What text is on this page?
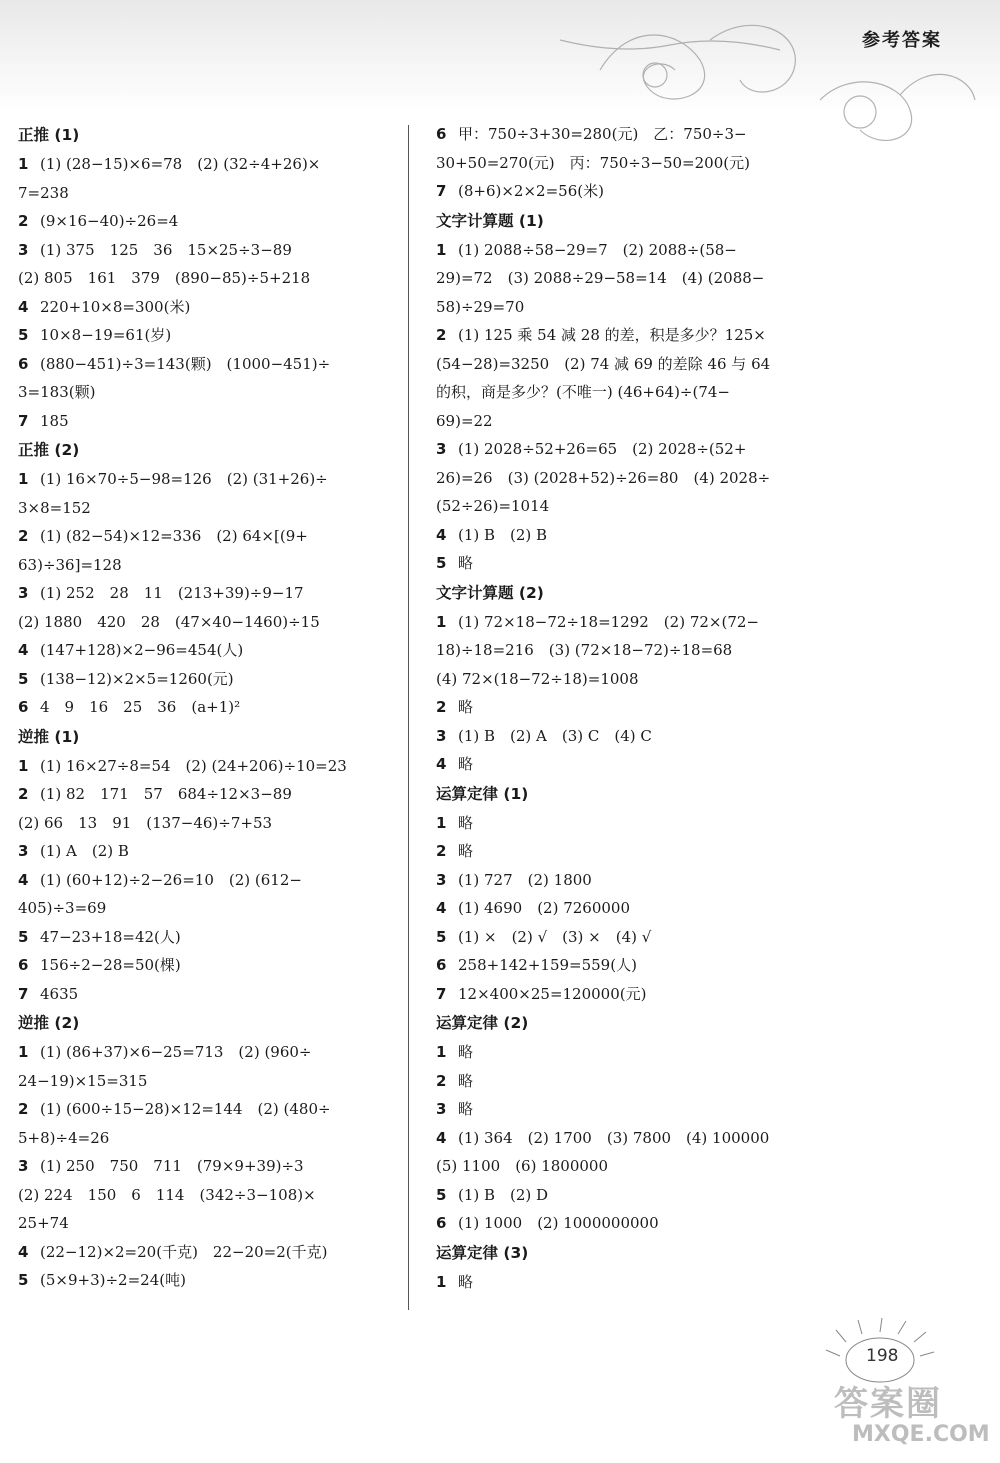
参考答案
正推 (1)
1 (1) (28−15)×6=78　(2) (32÷4+26)×
7=238
2 (9×16−40)÷26=4
3 (1) 375　125　36　15×25÷3−89
(2) 805　161　379　(890−85)÷5+218
4 220+10×8=300(米)
5 10×8−19=61(岁)
6 (880−451)÷3=143(颗)　(1000−451)÷
3=183(颗)
7 185
正推 (2)
1 (1) 16×70÷5−98=126　(2) (31+26)÷
3×8=152
2 (1) (82−54)×12=336　(2) 64×[(9+
63)÷36]=128
3 (1) 252　28　11　(213+39)÷9−17
(2) 1880　420　28　(47×40−1460)÷15
4 (147+128)×2−96=454(人)
5 (138−12)×2×5=1260(元)
6 4　9　16　25　36　(a+1)²
逆推 (1)
1 (1) 16×27÷8=54　(2) (24+206)÷10=23
2 (1) 82　171　57　684÷12×3−89
(2) 66　13　91　(137−46)÷7+53
3 (1) A　(2) B
4 (1) (60+12)÷2−26=10　(2) (612−
405)÷3=69
5 47−23+18=42(人)
6 156÷2−28=50(棵)
7 4635
逆推 (2)
1 (1) (86+37)×6−25=713　(2) (960÷
24−19)×15=315
2 (1) (600÷15−28)×12=144　(2) (480÷
5+8)÷4=26
3 (1) 250　750　711　(79×9+39)÷3
(2) 224　150　6　114　(342÷3−108)×
25+74
4 (22−12)×2=20(千克)　22−20=2(千克)
5 (5×9+3)÷2=24(吨)
6 甲：750÷3+30=280(元)　乙：750÷3−
30+50=270(元)　丙：750÷3−50=200(元)
7 (8+6)×2×2=56(米)
文字计算题 (1)
1 (1) 2088÷58−29=7　(2) 2088÷(58−
29)=72　(3) 2088÷29−58=14　(4) (2088−
58)÷29=70
2 (1) 125 乘 54 减 28 的差，积是多少？125×
(54−28)=3250　(2) 74 减 69 的差除 46 与 64
的积，商是多少？(不唯一) (46+64)÷(74−
69)=22
3 (1) 2028÷52+26=65　(2) 2028÷(52+
26)=26　(3) (2028+52)÷26=80　(4) 2028÷
(52÷26)=1014
4 (1) B　(2) B
5 略
文字计算题 (2)
1 (1) 72×18−72÷18=1292　(2) 72×(72−
18)÷18=216　(3) (72×18−72)÷18=68
(4) 72×(18−72÷18)=1008
2 略
3 (1) B　(2) A　(3) C　(4) C
4 略
运算定律 (1)
1 略
2 略
3 (1) 727　(2) 1800
4 (1) 4690　(2) 7260000
5 (1) ×　(2) √　(3) ×　(4) √
6 258+142+159=559(人)
7 12×400×25=120000(元)
运算定律 (2)
1 略
2 略
3 略
4 (1) 364　(2) 1700　(3) 7800　(4) 100000
(5) 1100　(6) 1800000
5 (1) B　(2) D
6 (1) 1000　(2) 1000000000
运算定律 (3)
1 略
198
答案圈
MXQE.COM
